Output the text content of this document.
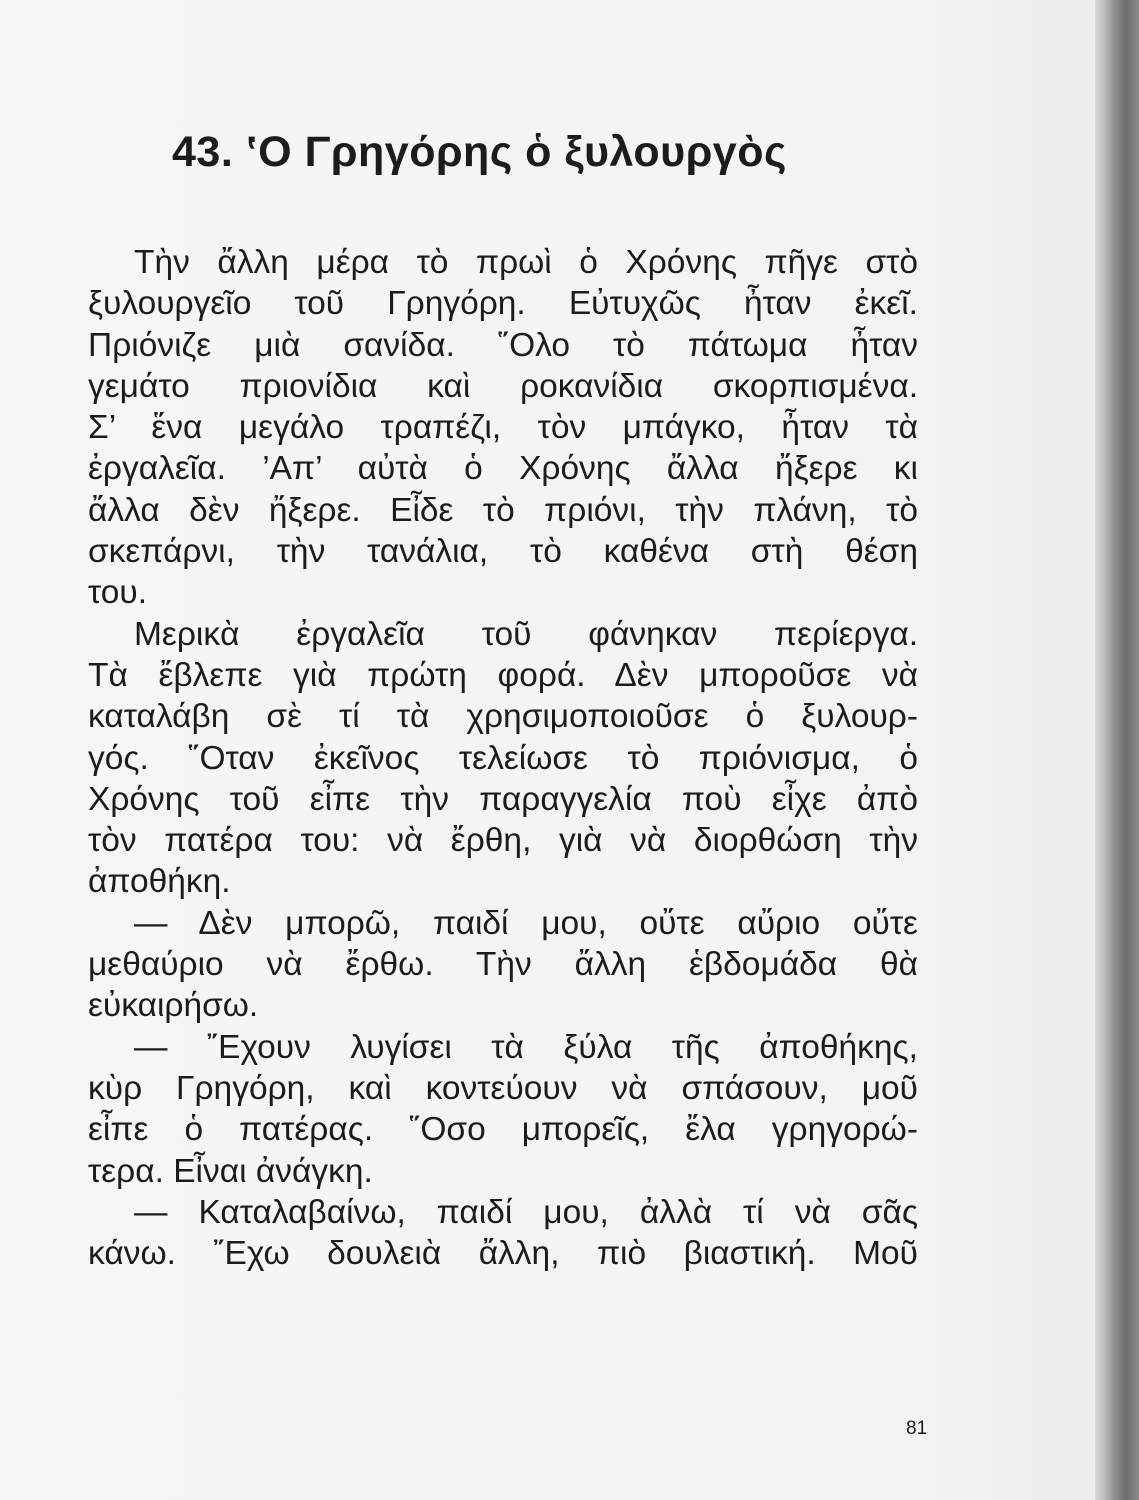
43. ‛Ο Γρηγόρης ὁ ξυλουργὸς
Τὴν ἄλλη μέρα τὸ πρωὶ ὁ Χρόνης πῆγε στὸ
ξυλουργεῖο τοῦ Γρηγόρη. Εὐτυχῶς ἦταν ἐκεῖ.
Πριόνιζε μιὰ σανίδα. ῞Ολο τὸ πάτωμα ἦταν
γεμάτο πριονίδια καὶ ροκανίδια σκορπισμένα.
Σ’ ἕνα μεγάλο τραπέζι, τὸν μπάγκο, ἦταν τὰ
ἐργαλεῖα. ’Απ’ αὐτὰ ὁ Χρόνης ἄλλα ἤξερε κι
ἄλλα δὲν ἤξερε. Εἶδε τὸ πριόνι, τὴν πλάνη, τὸ
σκεπάρνι, τὴν τανάλια, τὸ καθένα στὴ θέση
του.
Μερικὰ ἐργαλεῖα τοῦ φάνηκαν περίεργα.
Τὰ ἔβλεπε γιὰ πρώτη φορά. Δὲν μποροῦσε νὰ
καταλάβη σὲ τί τὰ χρησιμοποιοῦσε ὁ ξυλουρ-
γός. ῞Οταν ἐκεῖνος τελείωσε τὸ πριόνισμα, ὁ
Χρόνης τοῦ εἶπε τὴν παραγγελία ποὺ εἶχε ἀπὸ
τὸν πατέρα του: νὰ ἔρθη, γιὰ νὰ διορθώση τὴν
ἀποθήκη.
— Δὲν μπορῶ, παιδί μου, οὔτε αὔριο οὔτε
μεθαύριο νὰ ἔρθω. Τὴν ἄλλη ἑβδομάδα θὰ
εὐκαιρήσω.
— ῎Εχουν λυγίσει τὰ ξύλα τῆς ἀποθήκης,
κὺρ Γρηγόρη, καὶ κοντεύουν νὰ σπάσουν, μοῦ
εἶπε ὁ πατέρας. ῞Οσο μπορεῖς, ἔλα γρηγορώ-
τερα. Εἶναι ἀνάγκη.
— Καταλαβαίνω, παιδί μου, ἀλλὰ τί νὰ σᾶς
κάνω. ῎Εχω δουλειὰ ἄλλη, πιὸ βιαστική. Μοῦ
81
